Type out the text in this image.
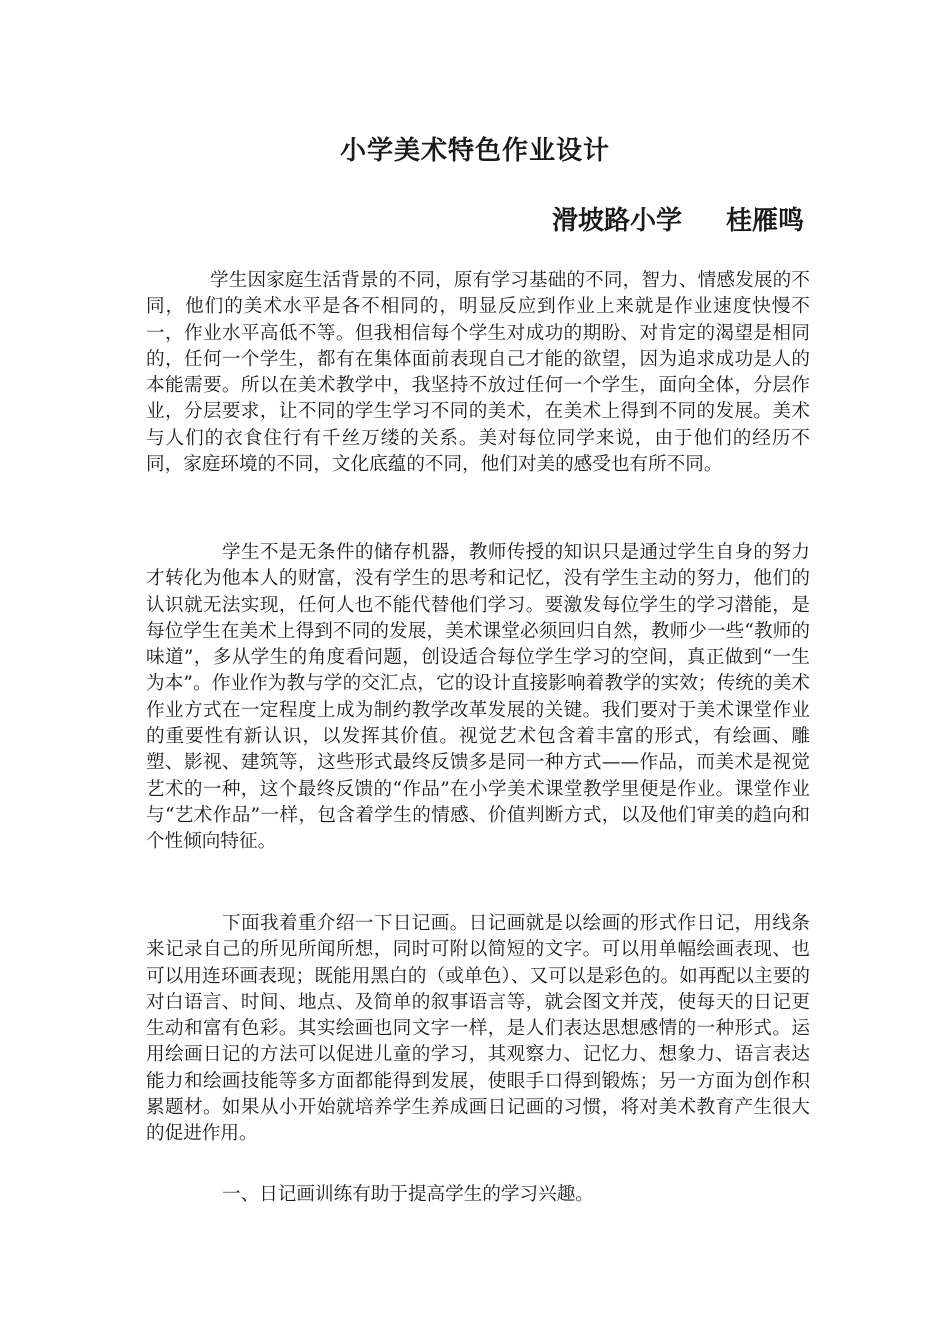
小学美术特色作业设计
滑坡路小学 桂雁鸣

学生因家庭生活背景的不同，原有学习基础的不同，智力、情感发展的不同，他们的美术水平是各不相同的，明显反应到作业上来就是作业速度快慢不一，作业水平高低不等。但我相信每个学生对成功的期盼、对肯定的渴望是相同的，任何一个学生，都有在集体面前表现自己才能的欲望，因为追求成功是人的本能需要。所以在美术教学中，我坚持不放过任何一个学生，面向全体，分层作业，分层要求，让不同的学生学习不同的美术，在美术上得到不同的发展。美术与人们的衣食住行有千丝万缕的关系。美对每位同学来说，由于他们的经历不同，家庭环境的不同，文化底蕴的不同，他们对美的感受也有所不同。

学生不是无条件的储存机器，教师传授的知识只是通过学生自身的努力才转化为他本人的财富，没有学生的思考和记忆，没有学生主动的努力，他们的认识就无法实现，任何人也不能代替他们学习。要激发每位学生的学习潜能，是每位学生在美术上得到不同的发展，美术课堂必须回归自然，教师少一些“教师的味道”，多从学生的角度看问题，创设适合每位学生学习的空间，真正做到“一生为本”。作业作为教与学的交汇点，它的设计直接影响着教学的实效；传统的美术作业方式在一定程度上成为制约教学改革发展的关键。我们要对于美术课堂作业的重要性有新认识，以发挥其价值。视觉艺术包含着丰富的形式，有绘画、雕塑、影视、建筑等，这些形式最终反馈多是同一种方式——作品，而美术是视觉艺术的一种，这个最终反馈的“作品”在小学美术课堂教学里便是作业。课堂作业与“艺术作品”一样，包含着学生的情感、价值判断方式，以及他们审美的趋向和个性倾向特征。

下面我着重介绍一下日记画。日记画就是以绘画的形式作日记，用线条来记录自己的所见所闻所想，同时可附以简短的文字。可以用单幅绘画表现、也可以用连环画表现；既能用黑白的（或单色）、又可以是彩色的。如再配以主要的对白语言、时间、地点、及简单的叙事语言等，就会图文并茂，使每天的日记更生动和富有色彩。其实绘画也同文字一样，是人们表达思想感情的一种形式。运用绘画日记的方法可以促进儿童的学习，其观察力、记忆力、想象力、语言表达能力和绘画技能等多方面都能得到发展，使眼手口得到锻炼；另一方面为创作积累题材。如果从小开始就培养学生养成画日记画的习惯，将对美术教育产生很大的促进作用。

一、日记画训练有助于提高学生的学习兴趣。
